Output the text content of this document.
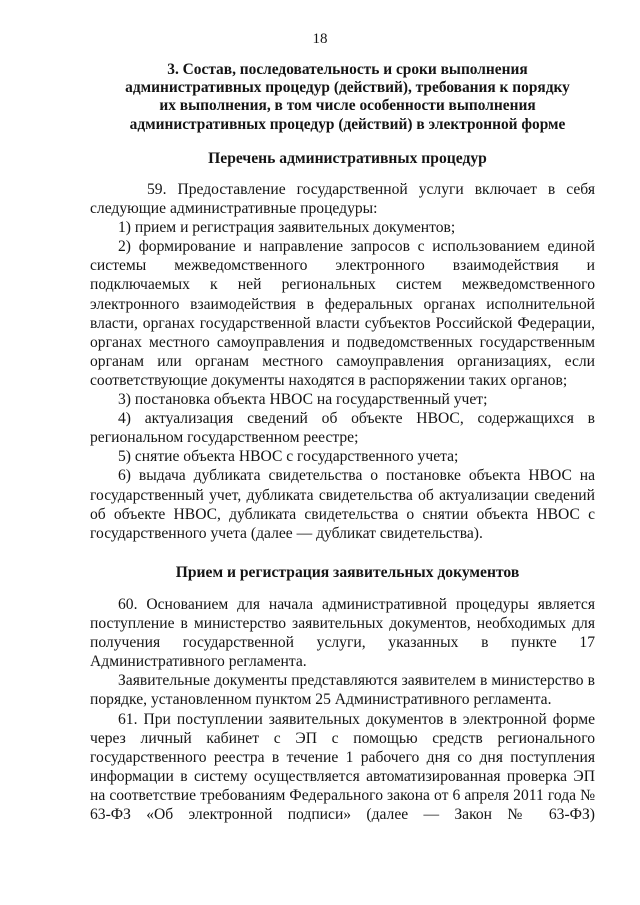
18
3. Состав, последовательность и сроки выполнения
административных процедур (действий), требования к порядку
их выполнения, в том числе особенности выполнения
административных процедур (действий) в электронной форме
Перечень административных процедур

59. Предоставление государственной услуги включает в себя следующие административные процедуры:

1) прием и регистрация заявительных документов;

2) формирование и направление запросов с использованием единой системы межведомственного электронного взаимодействия и подключаемых к ней региональных систем межведомственного электронного взаимодействия в федеральных органах исполнительной власти, органах государственной власти субъектов Российской Федерации, органах местного самоуправления и подведомственных государственным органам или органам местного самоуправления организациях, если соответствующие документы находятся в распоряжении таких органов;

3) постановка объекта НВОС на государственный учет;

4) актуализация сведений об объекте НВОС, содержащихся в региональном государственном реестре;

5) снятие объекта НВОС с государственного учета;

6) выдача дубликата свидетельства о постановке объекта НВОС на государственный учет, дубликата свидетельства об актуализации сведений об объекте НВОС, дубликата свидетельства о снятии объекта НВОС с государственного учета (далее — дубликат свидетельства).

Прием и регистрация заявительных документов

60. Основанием для начала административной процедуры является поступление в министерство заявительных документов, необходимых для получения государственной услуги, указанных в пункте 17 Административного регламента.

Заявительные документы представляются заявителем в министерство в порядке, установленном пунктом 25 Административного регламента.

61. При поступлении заявительных документов в электронной форме через личный кабинет с ЭП с помощью средств регионального государственного реестра в течение 1 рабочего дня со дня поступления информации в систему осуществляется автоматизированная проверка ЭП на соответствие требованиям Федерального закона от 6 апреля 2011 года № 63-ФЗ «Об электронной подписи» (далее — Закон № 63-ФЗ)
